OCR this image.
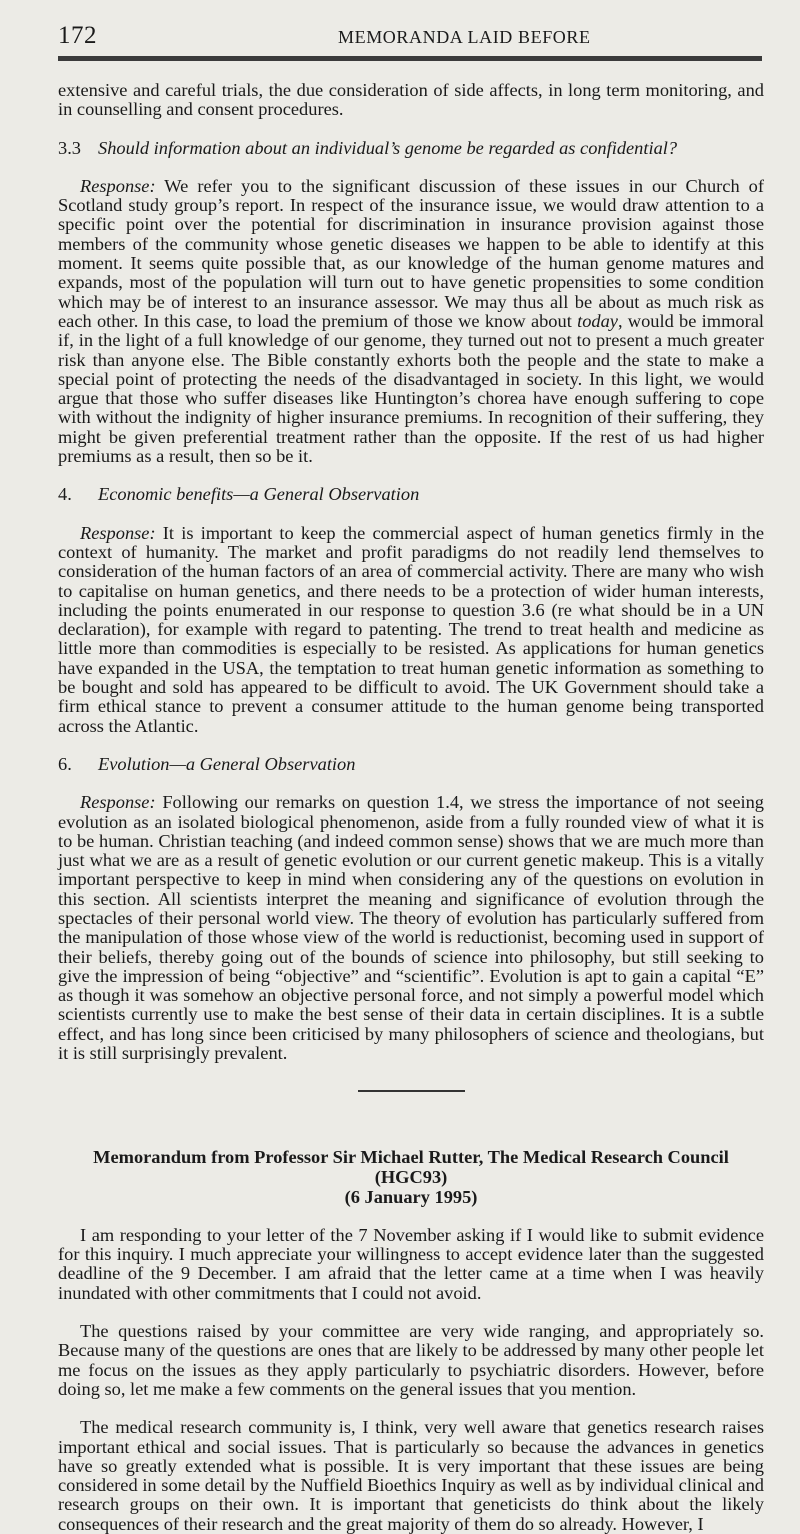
172	MEMORANDA LAID BEFORE

extensive and careful trials, the due consideration of side affects, in long term monitoring, and in counselling and consent procedures.

3.3 Should information about an individual’s genome be regarded as confidential?

Response: We refer you to the significant discussion of these issues in our Church of Scotland study group’s report. In respect of the insurance issue, we would draw attention to a specific point over the potential for discrimination in insurance provision against those members of the community whose genetic diseases we happen to be able to identify at this moment. It seems quite possible that, as our knowledge of the human genome matures and expands, most of the population will turn out to have genetic propensities to some condition which may be of interest to an insurance assessor. We may thus all be about as much risk as each other. In this case, to load the premium of those we know about today, would be immoral if, in the light of a full knowledge of our genome, they turned out not to present a much greater risk than anyone else. The Bible constantly exhorts both the people and the state to make a special point of protecting the needs of the disadvantaged in society. In this light, we would argue that those who suffer diseases like Huntington’s chorea have enough suffering to cope with without the indignity of higher insurance premiums. In recognition of their suffering, they might be given preferential treatment rather than the opposite. If the rest of us had higher premiums as a result, then so be it.

4. Economic benefits—a General Observation

Response: It is important to keep the commercial aspect of human genetics firmly in the context of humanity. The market and profit paradigms do not readily lend themselves to consideration of the human factors of an area of commercial activity. There are many who wish to capitalise on human genetics, and there needs to be a protection of wider human interests, including the points enumerated in our response to question 3.6 (re what should be in a UN declaration), for example with regard to patenting. The trend to treat health and medicine as little more than commodities is especially to be resisted. As applications for human genetics have expanded in the USA, the temptation to treat human genetic information as something to be bought and sold has appeared to be difficult to avoid. The UK Government should take a firm ethical stance to prevent a consumer attitude to the human genome being transported across the Atlantic.

6. Evolution—a General Observation

Response: Following our remarks on question 1.4, we stress the importance of not seeing evolution as an isolated biological phenomenon, aside from a fully rounded view of what it is to be human. Christian teaching (and indeed common sense) shows that we are much more than just what we are as a result of genetic evolution or our current genetic makeup. This is a vitally important perspective to keep in mind when considering any of the questions on evolution in this section. All scientists interpret the meaning and significance of evolution through the spectacles of their personal world view. The theory of evolution has particularly suffered from the manipulation of those whose view of the world is reductionist, becoming used in support of their beliefs, thereby going out of the bounds of science into philosophy, but still seeking to give the impression of being “objective” and “scientific”. Evolution is apt to gain a capital “E” as though it was somehow an objective personal force, and not simply a powerful model which scientists currently use to make the best sense of their data in certain disciplines. It is a subtle effect, and has long since been criticised by many philosophers of science and theologians, but it is still surprisingly prevalent.

Memorandum from Professor Sir Michael Rutter, The Medical Research Council (HGC93)

(6 January 1995)

I am responding to your letter of the 7 November asking if I would like to submit evidence for this inquiry. I much appreciate your willingness to accept evidence later than the suggested deadline of the 9 December. I am afraid that the letter came at a time when I was heavily inundated with other commitments that I could not avoid.

The questions raised by your committee are very wide ranging, and appropriately so. Because many of the questions are ones that are likely to be addressed by many other people let me focus on the issues as they apply particularly to psychiatric disorders. However, before doing so, let me make a few comments on the general issues that you mention.

The medical research community is, I think, very well aware that genetics research raises important ethical and social issues. That is particularly so because the advances in genetics have so greatly extended what is possible. It is very important that these issues are being considered in some detail by the Nuffield Bioethics Inquiry as well as by individual clinical and research groups on their own. It is important that geneticists do think about the likely consequences of their research and the great majority of them do so already. However, I
